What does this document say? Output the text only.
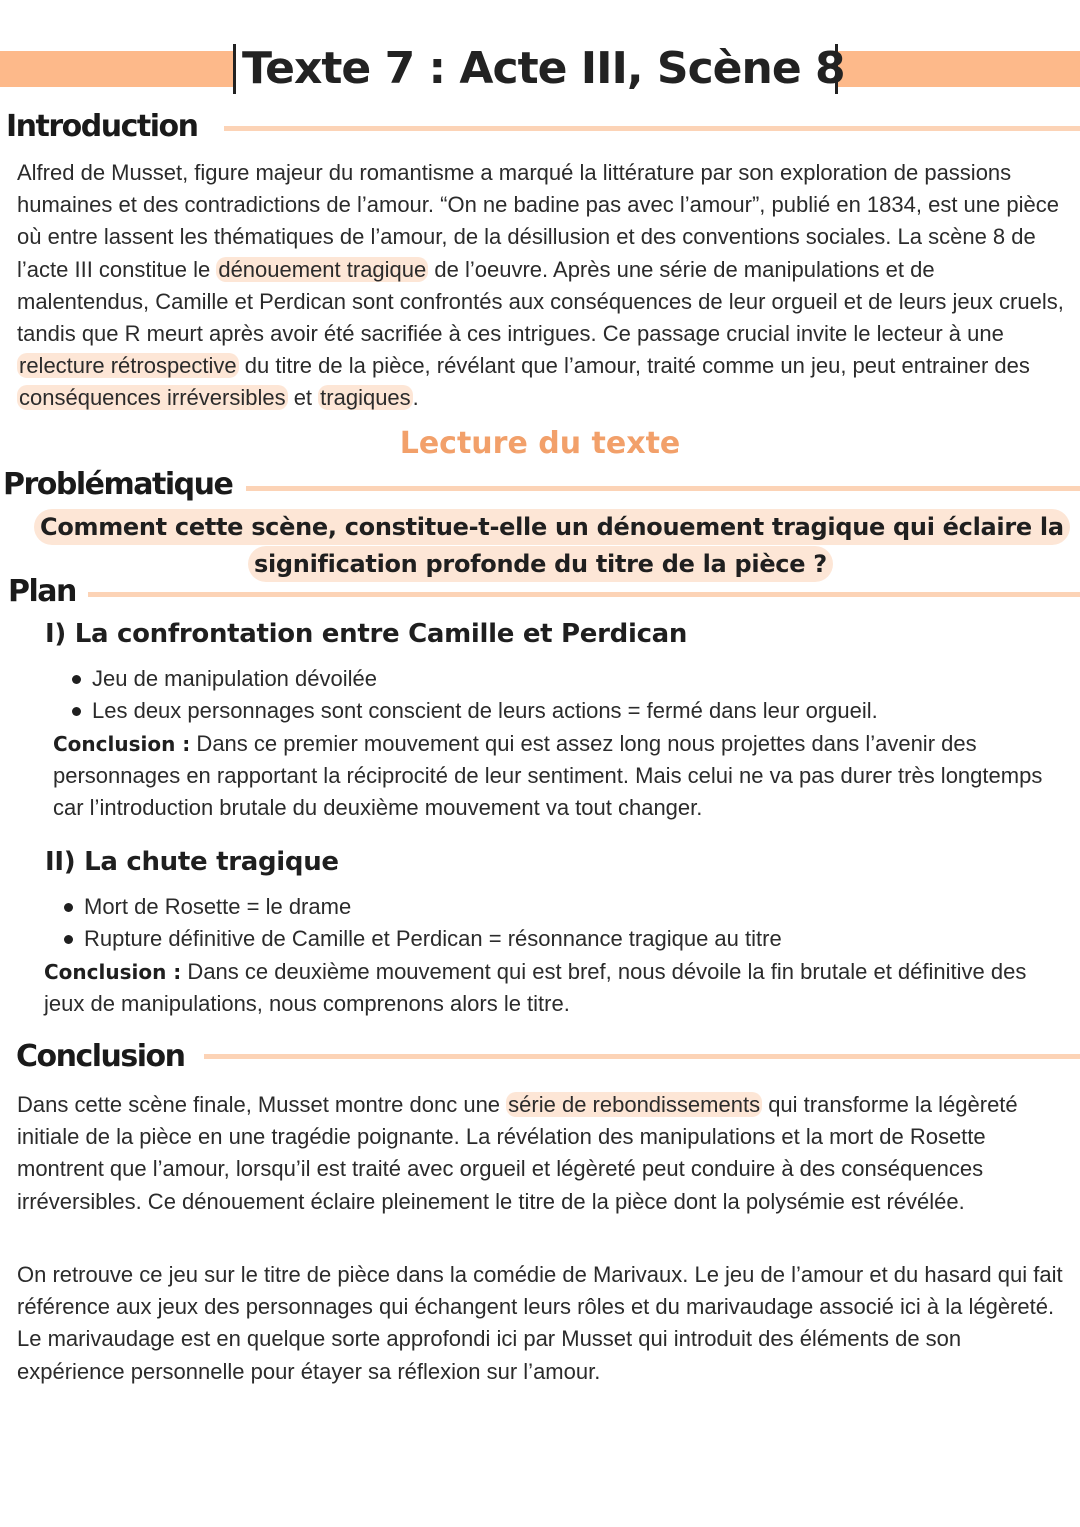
Texte 7 : Acte III, Scène 8
Introduction
Alfred de Musset, figure majeur du romantisme a marqué la littérature par son exploration de passions humaines et des contradictions de l’amour. “On ne badine pas avec l’amour”, publié en 1834, est une pièce où entre lassent les thématiques de l’amour, de la désillusion et des conventions sociales. La scène 8 de l’acte III constitue le dénouement tragique de l’oeuvre. Après une série de manipulations et de malentendus, Camille et Perdican sont confrontés aux conséquences de leur orgueil et de leurs jeux cruels, tandis que R meurt après avoir été sacrifiée à ces intrigues. Ce passage crucial invite le lecteur à une relecture rétrospective du titre de la pièce, révélant que l’amour, traité comme un jeu, peut entrainer des conséquences irréversibles et tragiques.
Lecture du texte
Problématique
Comment cette scène, constitue-t-elle un dénouement tragique qui éclaire la
signification profonde du titre de la pièce ?
Plan
I) La confrontation entre Camille et Perdican
Jeu de manipulation dévoilée
Les deux personnages sont conscient de leurs actions = fermé dans leur orgueil.
Conclusion : Dans ce premier mouvement qui est assez long nous projettes dans l’avenir des personnages en rapportant la réciprocité de leur sentiment. Mais celui ne va pas durer très longtemps car l’introduction brutale du deuxième mouvement va tout changer.
II) La chute tragique
Mort de Rosette = le drame
Rupture définitive de Camille et Perdican = résonnance tragique au titre
Conclusion : Dans ce deuxième mouvement qui est bref, nous dévoile la fin brutale et définitive des jeux de manipulations, nous comprenons alors le titre.
Conclusion
Dans cette scène finale, Musset montre donc une série de rebondissements qui transforme la légèreté initiale de la pièce en une tragédie poignante. La révélation des manipulations et la mort de Rosette montrent que l’amour, lorsqu’il est traité avec orgueil et légèreté peut conduire à des conséquences irréversibles. Ce dénouement éclaire pleinement le titre de la pièce dont la polysémie est révélée.
On retrouve ce jeu sur le titre de pièce dans la comédie de Marivaux. Le jeu de l’amour et du hasard qui fait référence aux jeux des personnages qui échangent leurs rôles et du marivaudage associé ici à la légèreté. Le marivaudage est en quelque sorte approfondi ici par Musset qui introduit des éléments de son expérience personnelle pour étayer sa réflexion sur l’amour.
